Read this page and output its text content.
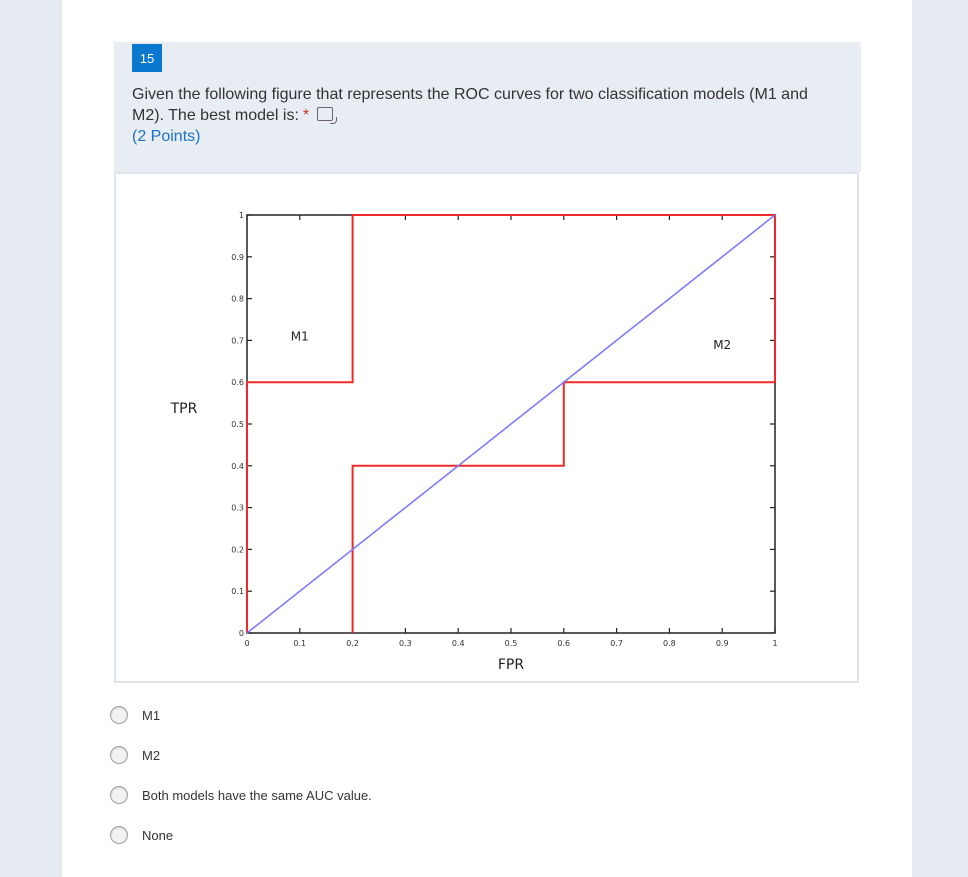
15
Given the following figure that represents the ROC curves for two classification models (M1 and M2). The best model is: *
(2 Points)
0	0.1	0.2	0.3	0.4	0.5	0.6	0.7	0.8	0.9	1
0
0.1
0.2
0.3
0.4
0.5
0.6
0.7
0.8
0.9
1
M1
M2
FPR
TPR
M1
M2
Both models have the same AUC value.
None
